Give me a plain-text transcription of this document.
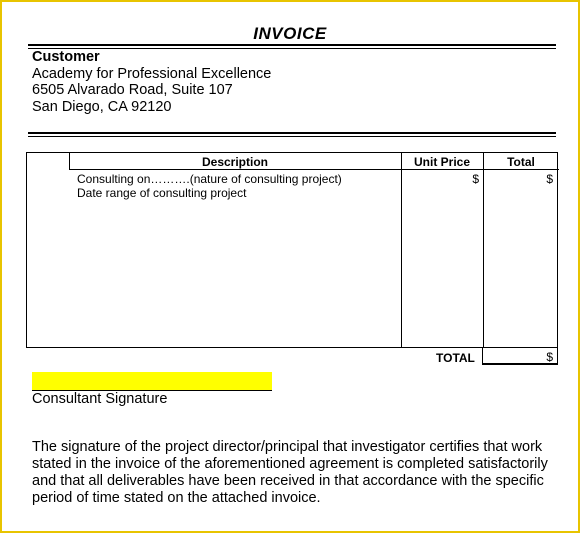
INVOICE
Customer
Academy for Professional Excellence
6505 Alvarado Road, Suite 107
San Diego, CA 92120
Description	Unit Price	Total
Consulting on……….(nature of consulting project)
Date range of consulting project
$	$
TOTAL	$
Consultant Signature
The signature of the project director/principal that investigator certifies that work
stated in the invoice of the aforementioned agreement is completed satisfactorily
and that all deliverables have been received in that accordance with the specific
period of time stated on the attached invoice.
